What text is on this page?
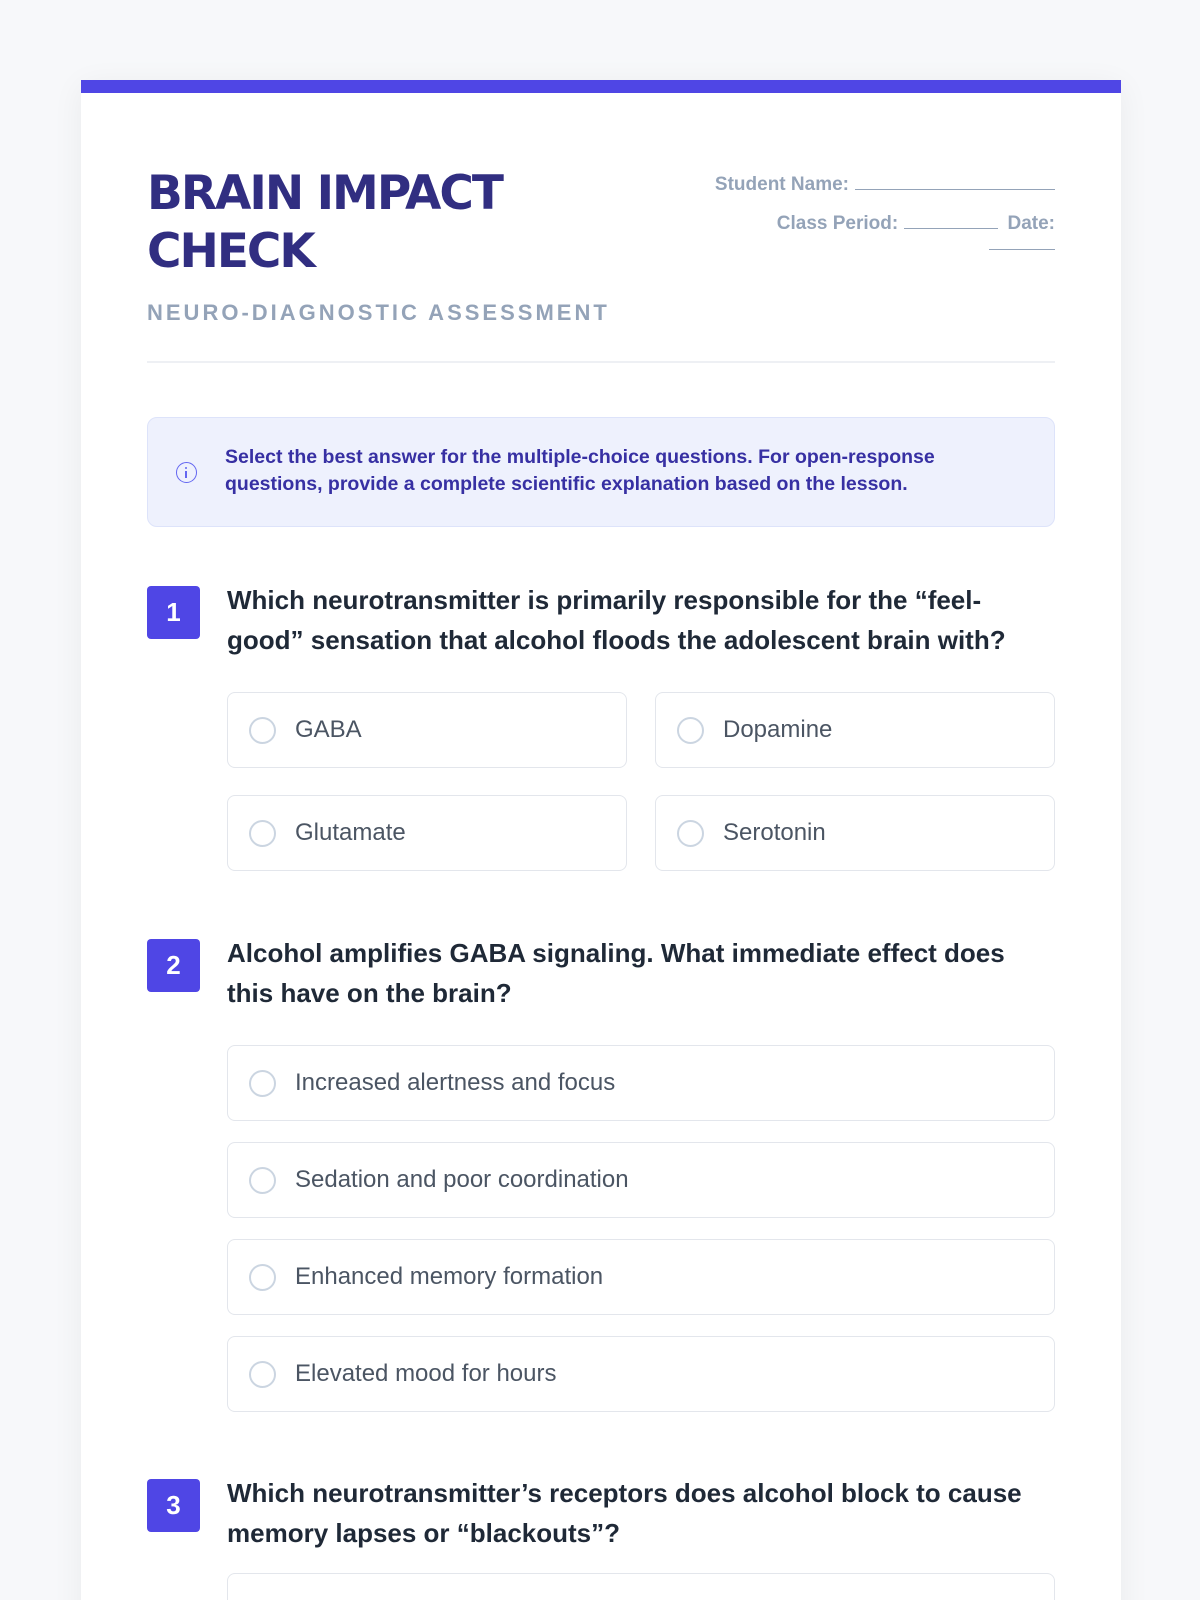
BRAIN IMPACT CHECK
NEURO-DIAGNOSTIC ASSESSMENT
Student Name:
Class Period:	Date:

Select the best answer for the multiple-choice questions. For open-response questions, provide a complete scientific explanation based on the lesson.

1	Which neurotransmitter is primarily responsible for the “feel-good” sensation that alcohol floods the adolescent brain with?
GABA	Dopamine
Glutamate	Serotonin
2	Alcohol amplifies GABA signaling. What immediate effect does this have on the brain?
Increased alertness and focus
Sedation and poor coordination
Enhanced memory formation
Elevated mood for hours
3	Which neurotransmitter’s receptors does alcohol block to cause memory lapses or “blackouts”?
